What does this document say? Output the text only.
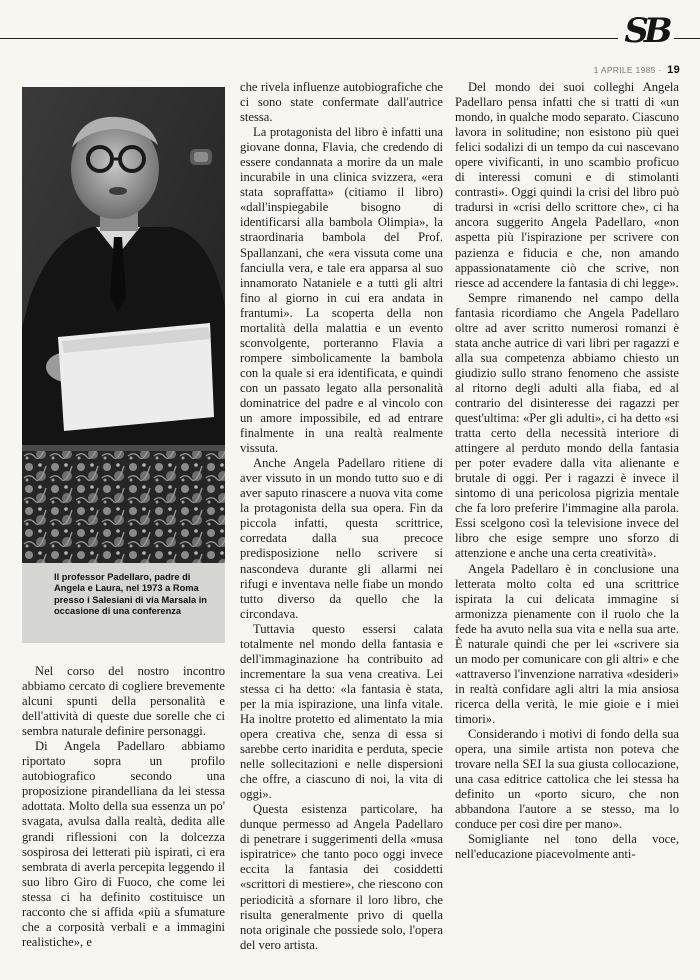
SB
1 APRILE 1985 · 19
Il professor Padellaro, padre di Angela e Laura, nel 1973 a Roma presso i Salesiani di via Marsala in occasione di una conferenza

Nel corso del nostro incontro abbiamo cercato di cogliere brevemente alcuni spunti della personalità e dell'attività di queste due sorelle che ci sembra naturale definire personaggi.

Di Angela Padellaro abbiamo riportato sopra un profilo autobiografico secondo una proposizione pirandelliana da lei stessa adottata. Molto della sua essenza un po' svagata, avulsa dalla realtà, dedita alle grandi riflessioni con la dolcezza sospirosa dei letterati più ispirati, ci era sembrata di averla percepita leggendo il suo libro Giro di Fuoco, che come lei stessa ci ha definito costituisce un racconto che si affida «più a sfumature che a corposità verbali e a immagini realistiche», e

che rivela influenze autobiografiche che ci sono state confermate dall'autrice stessa.

La protagonista del libro è infatti una giovane donna, Flavia, che credendo di essere condannata a morire da un male incurabile in una clinica svizzera, «era stata sopraffatta» (citiamo il libro) «dall'inspiegabile bisogno di identificarsi alla bambola Olimpia», la straordinaria bambola del Prof. Spallanzani, che «era vissuta come una fanciulla vera, e tale era apparsa al suo innamorato Nataniele e a tutti gli altri fino al giorno in cui era andata in frantumi». La scoperta della non mortalità della malattia e un evento sconvolgente, porteranno Flavia a rompere simbolicamente la bambola con la quale si era identificata, e quindi con un passato legato alla personalità dominatrice del padre e al vincolo con un amore impossibile, ed ad entrare finalmente in una realtà realmente vissuta.

Anche Angela Padellaro ritiene di aver vissuto in un mondo tutto suo e di aver saputo rinascere a nuova vita come la protagonista della sua opera. Fin da piccola infatti, questa scrittrice, corredata dalla sua precoce predisposizione nello scrivere si nascondeva durante gli allarmi nei rifugi e inventava nelle fiabe un mondo tutto diverso da quello che la circondava.

Tuttavia questo essersi calata totalmente nel mondo della fantasia e dell'immaginazione ha contribuito ad incrementare la sua vena creativa. Lei stessa ci ha detto: «la fantasia è stata, per la mia ispirazione, una linfa vitale. Ha inoltre protetto ed alimentato la mia opera creativa che, senza di essa si sarebbe certo inaridita e perduta, specie nelle sollecitazioni e nelle dispersioni che offre, a ciascuno di noi, la vita di oggi».

Questa esistenza particolare, ha dunque permesso ad Angela Padellaro di penetrare i suggerimenti della «musa ispiratrice» che tanto poco oggi invece eccita la fantasia dei cosiddetti «scrittori di mestiere», che riescono con periodicità a sfornare il loro libro, che risulta generalmente privo di quella nota originale che possiede solo, l'opera del vero artista.

Del mondo dei suoi colleghi Angela Padellaro pensa infatti che si tratti di «un mondo, in qualche modo separato. Ciascuno lavora in solitudine; non esistono più quei felici sodalizi di un tempo da cui nascevano opere vivificanti, in uno scambio proficuo di interessi comuni e di stimolanti contrasti». Oggi quindi la crisi del libro può tradursi in «crisi dello scrittore che», ci ha ancora suggerito Angela Padellaro, «non aspetta più l'ispirazione per scrivere con pazienza e fiducia e che, non amando appassionatamente ciò che scrive, non riesce ad accendere la fantasia di chi legge».

Sempre rimanendo nel campo della fantasia ricordiamo che Angela Padellaro oltre ad aver scritto numerosi romanzi è stata anche autrice di vari libri per ragazzi e alla sua competenza abbiamo chiesto un giudizio sullo strano fenomeno che assiste al ritorno degli adulti alla fiaba, ed al contrario del disinteresse dei ragazzi per quest'ultima: «Per gli adulti», ci ha detto «si tratta certo della necessità interiore di attingere al perduto mondo della fantasia per poter evadere dalla vita alienante e brutale di oggi. Per i ragazzi è invece il sintomo di una pericolosa pigrizia mentale che fa loro preferire l'immagine alla parola. Essi scelgono così la televisione invece del libro che esige sempre uno sforzo di attenzione e anche una certa creatività».

Angela Padellaro è in conclusione una letterata molto colta ed una scrittrice ispirata la cui delicata immagine si armonizza pienamente con il ruolo che la fede ha avuto nella sua vita e nella sua arte. È naturale quindi che per lei «scrivere sia un modo per comunicare con gli altri» e che «attraverso l'invenzione narrativa «desideri» in realtà confidare agli altri la mia ansiosa ricerca della verità, le mie gioie e i miei timori».

Considerando i motivi di fondo della sua opera, una simile artista non poteva che trovare nella SEI la sua giusta collocazione, una casa editrice cattolica che lei stessa ha definito un «porto sicuro, che non abbandona l'autore a se stesso, ma lo conduce per così dire per mano».

Somigliante nel tono della voce, nell'educazione piacevolmente anti-
